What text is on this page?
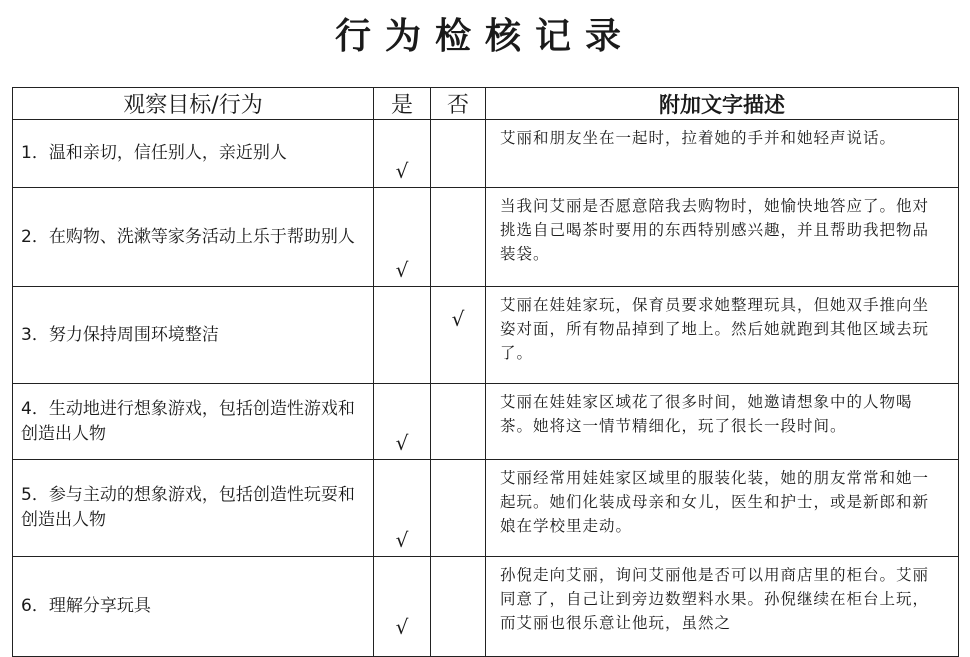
行为检核记录
观察目标/行为	是	否	附加文字描述
1．温和亲切，信任别人，亲近别人	√		艾丽和朋友坐在一起时，拉着她的手并和她轻声说话。
2．在购物、洗漱等家务活动上乐于帮助别人	√		当我问艾丽是否愿意陪我去购物时，她愉快地答应了。他对挑选自己喝茶时要用的东西特别感兴趣，并且帮助我把物品装袋。
3．努力保持周围环境整洁		√	艾丽在娃娃家玩，保育员要求她整理玩具，但她双手推向坐姿对面，所有物品掉到了地上。然后她就跑到其他区域去玩了。
4．生动地进行想象游戏，包括创造性游戏和创造出人物	√		艾丽在娃娃家区域花了很多时间，她邀请想象中的人物喝茶。她将这一情节精细化，玩了很长一段时间。
5．参与主动的想象游戏，包括创造性玩耍和创造出人物	√		艾丽经常用娃娃家区域里的服装化装，她的朋友常常和她一起玩。她们化装成母亲和女儿，医生和护士，或是新郎和新娘在学校里走动。
6．理解分享玩具	√		孙倪走向艾丽，询问艾丽他是否可以用商店里的柜台。艾丽同意了，自己让到旁边数塑料水果。孙倪继续在柜台上玩，而艾丽也很乐意让他玩，虽然之
